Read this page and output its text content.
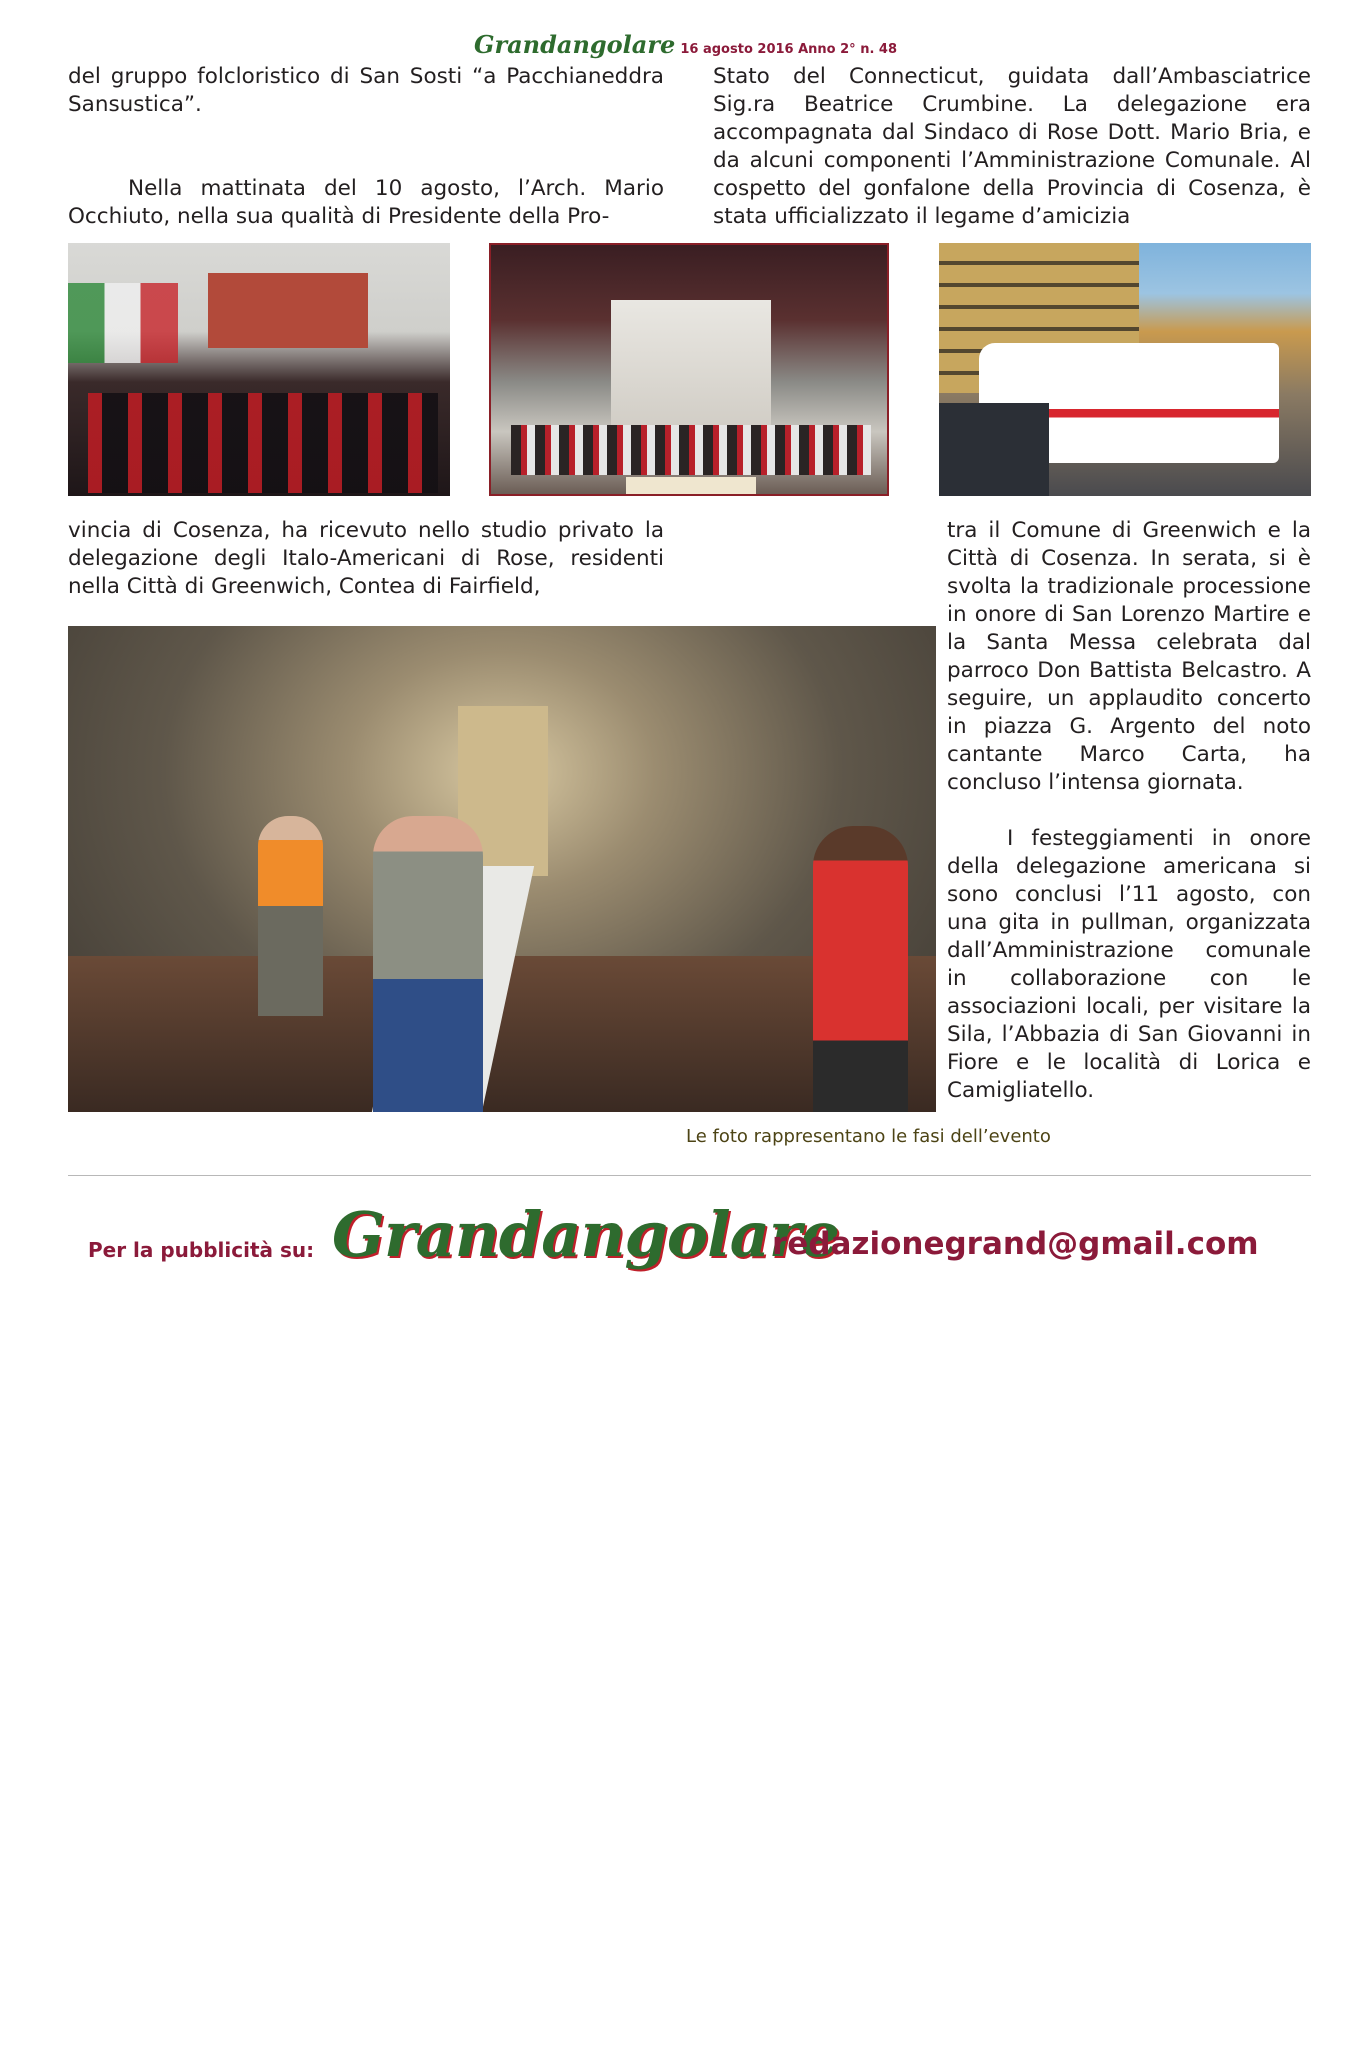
Grandangolare 16 agosto 2016 Anno 2° n. 48

del gruppo folcloristico di San Sosti “a Pacchianeddra Sansustica”.

Nella mattinata del 10 agosto, l’Arch. Mario Occhiuto, nella sua qualità di Presidente della Pro-

Stato del Connecticut, guidata dall’Ambasciatrice Sig.ra Beatrice Crumbine. La delegazione era accompagnata dal Sindaco di Rose Dott. Mario Bria, e da alcuni componenti l’Amministrazione Comunale. Al cospetto del gonfalone della Provincia di Cosenza, è stata ufficializzato il legame d’amicizia

vincia di Cosenza, ha ricevuto nello studio privato la delegazione degli Italo-Americani di Rose, residenti nella Città di Greenwich, Contea di Fairfield,

tra il Comune di Greenwich e la Città di Cosenza. In serata, si è svolta la tradizionale processione in onore di San Lorenzo Martire e la Santa Messa celebrata dal parroco Don Battista Belcastro. A seguire, un applaudito concerto in piazza G. Argento del noto cantante Marco Carta, ha concluso l’intensa giornata.

I festeggiamenti in onore della delegazione americana si sono conclusi l’11 agosto, con una gita in pullman, organizzata dall’Amministrazione comunale in collaborazione con le associazioni locali, per visitare la Sila, l’Abbazia di San Giovanni in Fiore e le località di Lorica e Camigliatello.

Le foto rappresentano le fasi dell’evento
Per la pubblicità su: Grandangolare
redazionegrand@gmail.com
